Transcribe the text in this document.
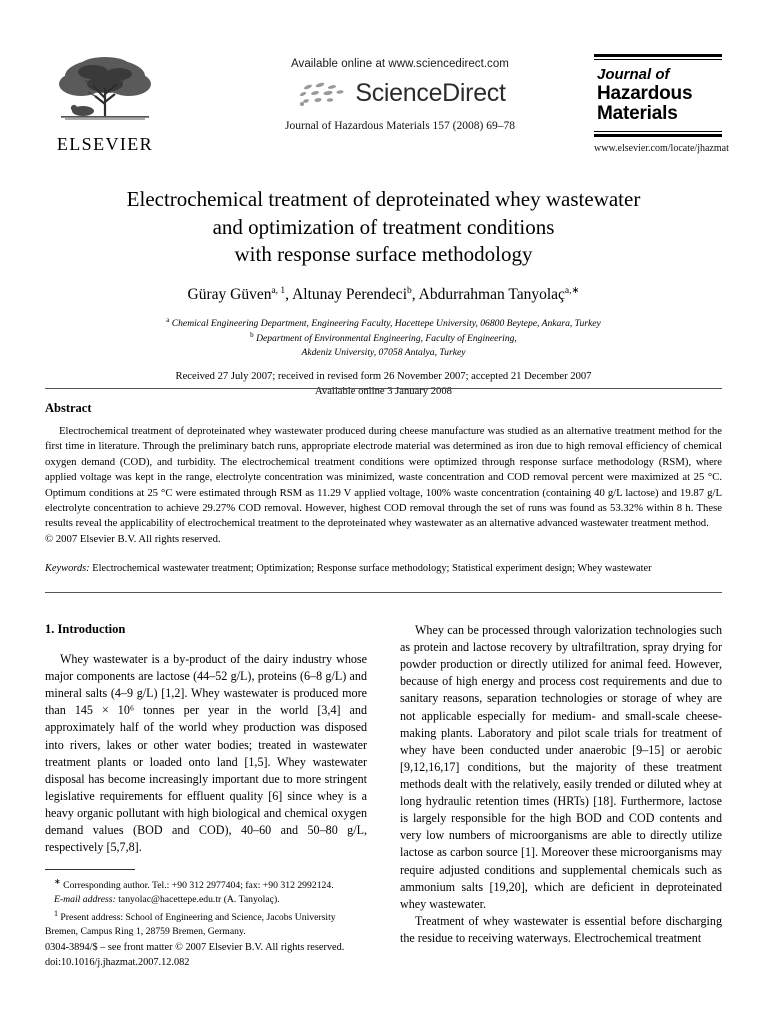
ELSEVIER
Available online at www.sciencedirect.com
ScienceDirect
Journal of Hazardous Materials 157 (2008) 69–78
Journal of
Hazardous
Materials
www.elsevier.com/locate/jhazmat
Electrochemical treatment of deproteinated whey wastewater
and optimization of treatment conditions
with response surface methodology
Güray Güven$^{a, 1}$, Altunay Perendeci$^b$, Abdurrahman Tanyolaç$^{a,∗}$
$^a$ Chemical Engineering Department, Engineering Faculty, Hacettepe University, 06800 Beytepe, Ankara, Turkey
$^b$ Department of Environmental Engineering, Faculty of Engineering,
Akdeniz University, 07058 Antalya, Turkey
Received 27 July 2007; received in revised form 26 November 2007; accepted 21 December 2007
Available online 3 January 2008
Abstract

Electrochemical treatment of deproteinated whey wastewater produced during cheese manufacture was studied as an alternative treatment method for the first time in literature. Through the preliminary batch runs, appropriate electrode material was determined as iron due to high removal efficiency of chemical oxygen demand (COD), and turbidity. The electrochemical treatment conditions were optimized through response surface methodology (RSM), where applied voltage was kept in the range, electrolyte concentration was minimized, waste concentration and COD removal percent were maximized at 25 °C. Optimum conditions at 25 °C were estimated through RSM as 11.29 V applied voltage, 100% waste concentration (containing 40 g/L lactose) and 19.87 g/L electrolyte concentration to achieve 29.27% COD removal. However, highest COD removal through the set of runs was found as 53.32% within 8 h. These results reveal the applicability of electrochemical treatment to the deproteinated whey wastewater as an alternative advanced wastewater treatment method.

© 2007 Elsevier B.V. All rights reserved.

Keywords: Electrochemical wastewater treatment; Optimization; Response surface methodology; Statistical experiment design; Whey wastewater
1. Introduction

Whey wastewater is a by-product of the dairy industry whose major components are lactose (44–52 g/L), proteins (6–8 g/L) and mineral salts (4–9 g/L) [1,2]. Whey wastewater is produced more than 145 × 10⁶ tonnes per year in the world [3,4] and approximately half of the world whey production was disposed into rivers, lakes or other water bodies; treated in wastewater treatment plants or loaded onto land [1,5]. Whey wastewater disposal has become increasingly important due to more stringent legislative requirements for effluent quality [6] since whey is a heavy organic pollutant with high biological and chemical oxygen demand values (BOD and COD), 40–60 and 50–80 g/L, respectively [5,7,8].

Whey can be processed through valorization technologies such as protein and lactose recovery by ultrafiltration, spray drying for powder production or directly utilized for animal feed. However, because of high energy and process cost requirements and due to sanitary reasons, separation technologies or storage of whey are not applicable especially for medium- and small-scale cheese-making plants. Laboratory and pilot scale trials for treatment of whey have been conducted under anaerobic [9–15] or aerobic [9,12,16,17] conditions, but the majority of these treatment methods dealt with the relatively, easily trended or diluted whey at long hydraulic retention times (HRTs) [18]. Furthermore, lactose is largely responsible for the high BOD and COD contents and very low numbers of microorganisms are able to directly utilize lactose as carbon source [1]. Moreover these microorganisms may require adjusted conditions and supplemental chemicals such as ammonium salts [19,20], which are deficient in deproteinated whey wastewater.

Treatment of whey wastewater is essential before discharging the residue to receiving waterways. Electrochemical treatment

∗ Corresponding author. Tel.: +90 312 2977404; fax: +90 312 2992124.

E-mail address: tanyolac@hacettepe.edu.tr (A. Tanyolaç).

$^1$ Present address: School of Engineering and Science, Jacobs University Bremen, Campus Ring 1, 28759 Bremen, Germany.

0304-3894/$ – see front matter © 2007 Elsevier B.V. All rights reserved.

doi:10.1016/j.jhazmat.2007.12.082
